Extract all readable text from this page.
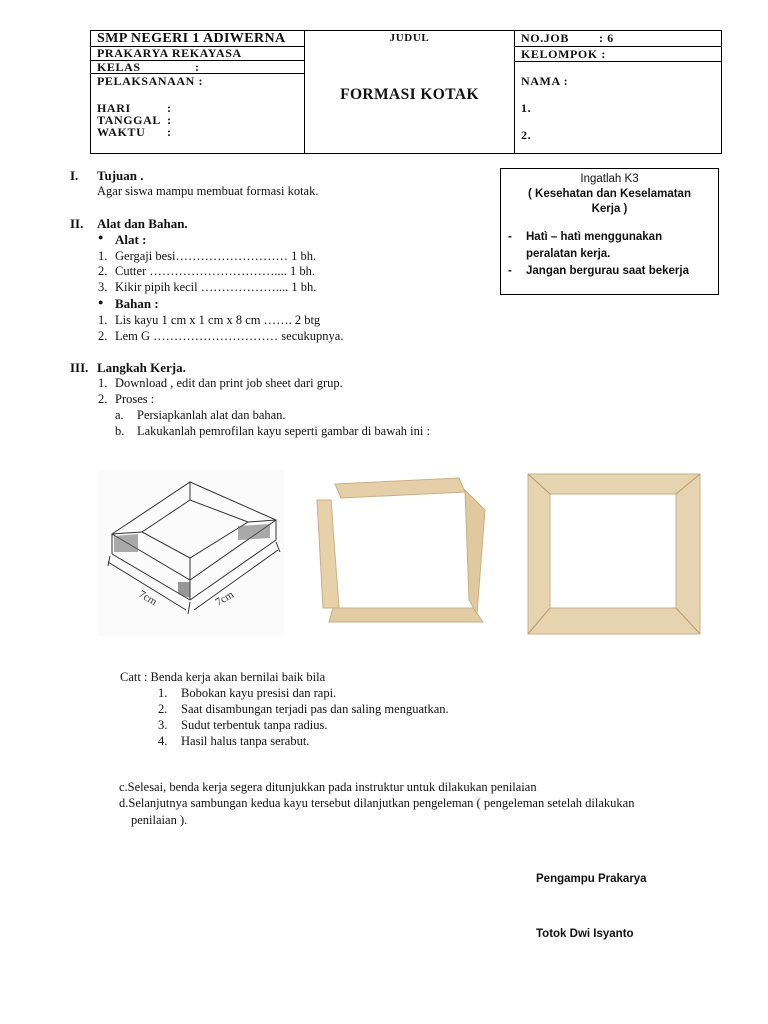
SMP NEGERI 1 ADIWERNA
PRAKARYA REKAYASA
KELAS	:
PELAKSANAAN :
HARI	:
TANGGAL :
WAKTU :
JUDUL
FORMASI KOTAK
NO.JOB	: 6
KELOMPOK :
NAMA :
1.
2.
Ingatlah K3
( Kesehatan dan Keselamatan
Kerja )
- Hatì – hatì menggunakan
peralatan kerja.
- Jangan bergurau saat bekerja
I. Tujuan .
Agar siswa mampu membuat formasi kotak.
II. Alat dan Bahan.
● Alat :
1. Gergaji besi……………………… 1 bh.
2. Cutter ………………………….... 1 bh.
3. Kikir pipih kecil ……………….... 1 bh.
● Bahan :
1. Lis kayu 1 cm x 1 cm x 8 cm ……. 2 btg
2. Lem G ………………………… secukupnya.
III. Langkah Kerja.
1. Download , edit dan print job sheet dari grup.
2. Proses :
a. Persiapkanlah alat dan bahan.
b. Lakukanlah pemrofilan kayu seperti gambar di bawah ini :
7cm	7cm
Catt : Benda kerja akan bernilai baik bila
1. Bobokan kayu presisi dan rapi.
2. Saat disambungan terjadi pas dan saling menguatkan.
3. Sudut terbentuk tanpa radius.
4. Hasil halus tanpa serabut.
c.Selesai, benda kerja segera ditunjukkan pada instruktur untuk dilakukan penilaian
d.Selanjutnya sambungan kedua kayu tersebut dilanjutkan pengeleman ( pengeleman setelah dilakukan
penilaian ).
Pengampu Prakarya
Totok Dwi Isyanto
